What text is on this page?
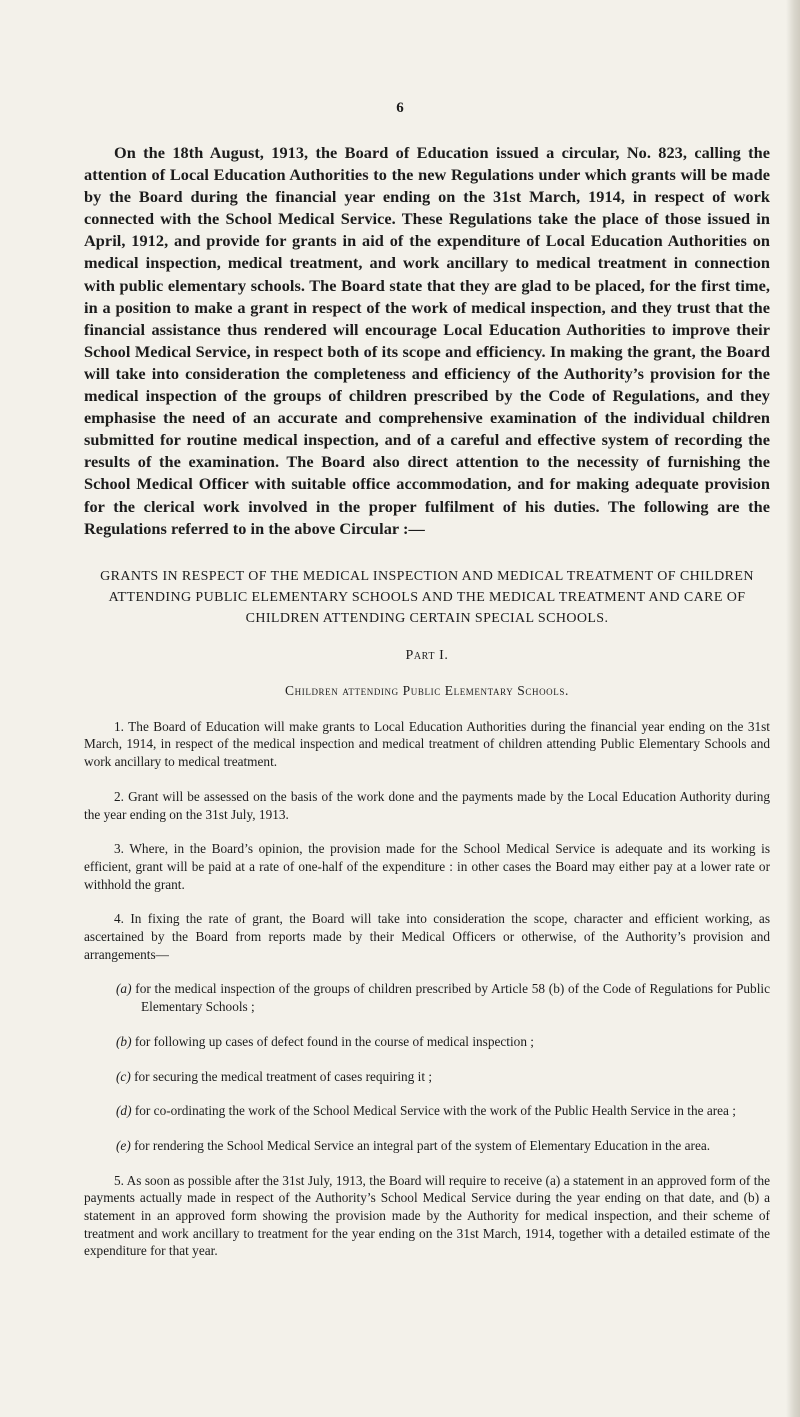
6

On the 18th August, 1913, the Board of Education issued a circular, No. 823, calling the attention of Local Education Authorities to the new Regulations under which grants will be made by the Board during the financial year ending on the 31st March, 1914, in respect of work connected with the School Medical Service. These Regulations take the place of those issued in April, 1912, and provide for grants in aid of the expenditure of Local Education Authorities on medical inspection, medical treatment, and work ancillary to medical treatment in connection with public elementary schools. The Board state that they are glad to be placed, for the first time, in a position to make a grant in respect of the work of medical inspection, and they trust that the financial assistance thus rendered will encourage Local Education Authorities to improve their School Medical Service, in respect both of its scope and efficiency. In making the grant, the Board will take into consideration the completeness and efficiency of the Authority’s provision for the medical inspection of the groups of children prescribed by the Code of Regulations, and they emphasise the need of an accurate and comprehensive examination of the individual children submitted for routine medical inspection, and of a careful and effective system of recording the results of the examination. The Board also direct attention to the necessity of furnishing the School Medical Officer with suitable office accommodation, and for making adequate provision for the clerical work involved in the proper fulfilment of his duties. The following are the Regulations referred to in the above Circular :—

GRANTS IN RESPECT OF THE MEDICAL INSPECTION AND MEDICAL TREATMENT OF CHILDREN ATTENDING PUBLIC ELEMENTARY SCHOOLS AND THE MEDICAL TREATMENT AND CARE OF CHILDREN ATTENDING CERTAIN SPECIAL SCHOOLS.

Part I.

Children attending Public Elementary Schools.

1. The Board of Education will make grants to Local Education Authorities during the financial year ending on the 31st March, 1914, in respect of the medical inspection and medical treatment of children attending Public Elementary Schools and work ancillary to medical treatment.

2. Grant will be assessed on the basis of the work done and the payments made by the Local Education Authority during the year ending on the 31st July, 1913.

3. Where, in the Board’s opinion, the provision made for the School Medical Service is adequate and its working is efficient, grant will be paid at a rate of one-half of the expenditure : in other cases the Board may either pay at a lower rate or withhold the grant.

4. In fixing the rate of grant, the Board will take into consideration the scope, character and efficient working, as ascertained by the Board from reports made by their Medical Officers or otherwise, of the Authority’s provision and arrangements—

(a) for the medical inspection of the groups of children prescribed by Article 58 (b) of the Code of Regulations for Public Elementary Schools ;

(b) for following up cases of defect found in the course of medical inspection ;

(c) for securing the medical treatment of cases requiring it ;

(d) for co-ordinating the work of the School Medical Service with the work of the Public Health Service in the area ;

(e) for rendering the School Medical Service an integral part of the system of Elementary Education in the area.

5. As soon as possible after the 31st July, 1913, the Board will require to receive (a) a statement in an approved form of the payments actually made in respect of the Authority’s School Medical Service during the year ending on that date, and (b) a statement in an approved form showing the provision made by the Authority for medical inspection, and their scheme of treatment and work ancillary to treatment for the year ending on the 31st March, 1914, together with a detailed estimate of the expenditure for that year.
